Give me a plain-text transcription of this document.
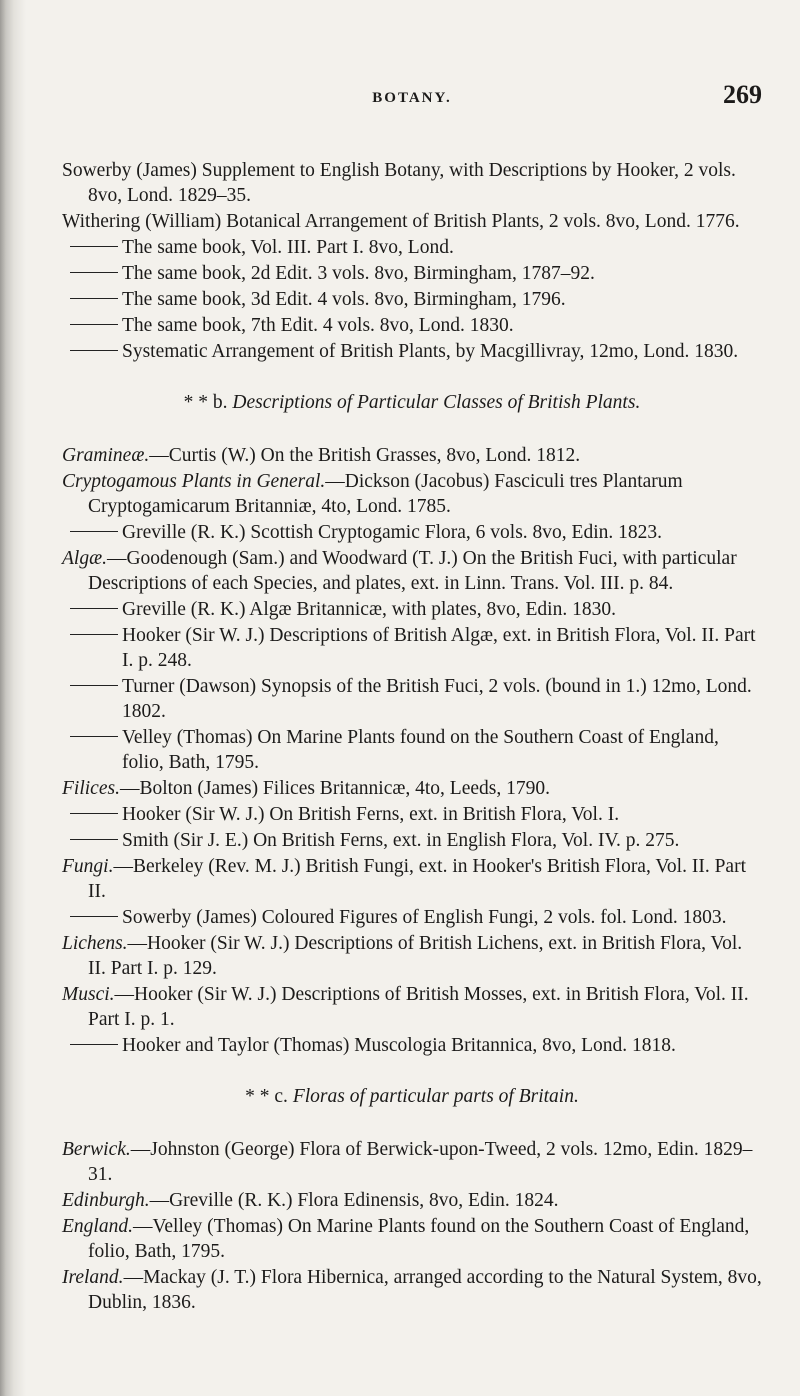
BOTANY.	269
Sowerby (James) Supplement to English Botany, with Descriptions by Hooker, 2 vols. 8vo, Lond. 1829–35.
Withering (William) Botanical Arrangement of British Plants, 2 vols. 8vo, Lond. 1776.
The same book, Vol. III. Part I. 8vo, Lond.
The same book, 2d Edit. 3 vols. 8vo, Birmingham, 1787–92.
The same book, 3d Edit. 4 vols. 8vo, Birmingham, 1796.
The same book, 7th Edit. 4 vols. 8vo, Lond. 1830.
Systematic Arrangement of British Plants, by Macgillivray, 12mo, Lond. 1830.
* * b. Descriptions of Particular Classes of British Plants.
Gramineæ.—Curtis (W.) On the British Grasses, 8vo, Lond. 1812.
Cryptogamous Plants in General.—Dickson (Jacobus) Fasciculi tres Plantarum Cryptogamicarum Britanniæ, 4to, Lond. 1785.
Greville (R. K.) Scottish Cryptogamic Flora, 6 vols. 8vo, Edin. 1823.
Algæ.—Goodenough (Sam.) and Woodward (T. J.) On the British Fuci, with particular Descriptions of each Species, and plates, ext. in Linn. Trans. Vol. III. p. 84.
Greville (R. K.) Algæ Britannicæ, with plates, 8vo, Edin. 1830.
Hooker (Sir W. J.) Descriptions of British Algæ, ext. in British Flora, Vol. II. Part I. p. 248.
Turner (Dawson) Synopsis of the British Fuci, 2 vols. (bound in 1.) 12mo, Lond. 1802.
Velley (Thomas) On Marine Plants found on the Southern Coast of England, folio, Bath, 1795.
Filices.—Bolton (James) Filices Britannicæ, 4to, Leeds, 1790.
Hooker (Sir W. J.) On British Ferns, ext. in British Flora, Vol. I.
Smith (Sir J. E.) On British Ferns, ext. in English Flora, Vol. IV. p. 275.
Fungi.—Berkeley (Rev. M. J.) British Fungi, ext. in Hooker's British Flora, Vol. II. Part II.
Sowerby (James) Coloured Figures of English Fungi, 2 vols. fol. Lond. 1803.
Lichens.—Hooker (Sir W. J.) Descriptions of British Lichens, ext. in British Flora, Vol. II. Part I. p. 129.
Musci.—Hooker (Sir W. J.) Descriptions of British Mosses, ext. in British Flora, Vol. II. Part I. p. 1.
Hooker and Taylor (Thomas) Muscologia Britannica, 8vo, Lond. 1818.
* * c. Floras of particular parts of Britain.
Berwick.—Johnston (George) Flora of Berwick-upon-Tweed, 2 vols. 12mo, Edin. 1829–31.
Edinburgh.—Greville (R. K.) Flora Edinensis, 8vo, Edin. 1824.
England.—Velley (Thomas) On Marine Plants found on the Southern Coast of England, folio, Bath, 1795.
Ireland.—Mackay (J. T.) Flora Hibernica, arranged according to the Natural System, 8vo, Dublin, 1836.
